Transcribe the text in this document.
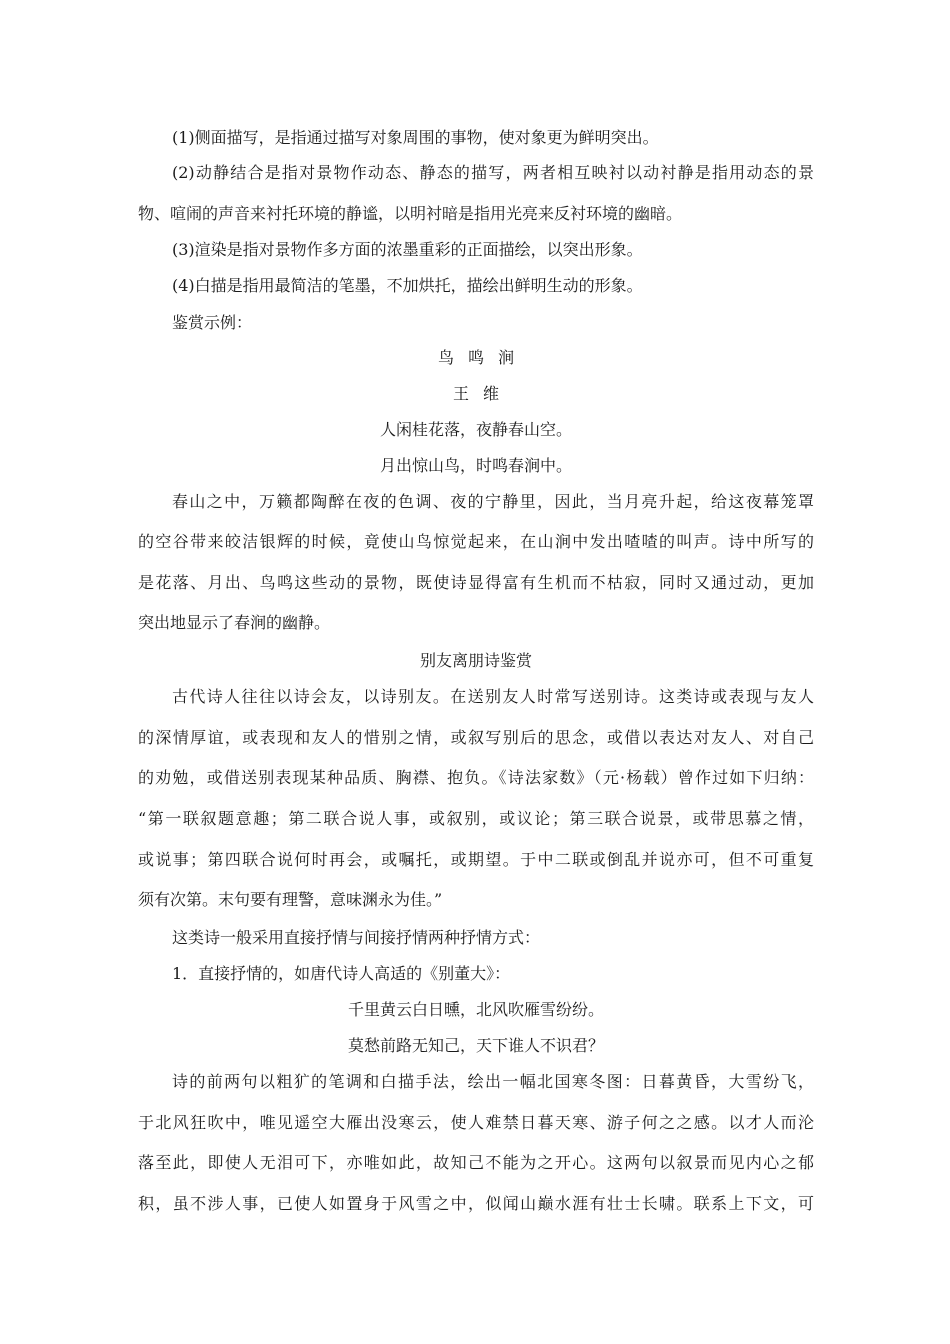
(1)侧面描写，是指通过描写对象周围的事物，使对象更为鲜明突出。
(2)动静结合是指对景物作动态、静态的描写，两者相互映衬以动衬静是指用动态的景
物、喧闹的声音来衬托环境的静谧，以明衬暗是指用光亮来反衬环境的幽暗。
(3)渲染是指对景物作多方面的浓墨重彩的正面描绘，以突出形象。
(4)白描是指用最简洁的笔墨，不加烘托，描绘出鲜明生动的形象。
鉴赏示例：
鸟鸣涧
王维
人闲桂花落，夜静春山空。
月出惊山鸟，时鸣春涧中。
春山之中，万籁都陶醉在夜的色调、夜的宁静里，因此，当月亮升起，给这夜幕笼罩
的空谷带来皎洁银辉的时候，竟使山鸟惊觉起来，在山涧中发出喳喳的叫声。诗中所写的
是花落、月出、鸟鸣这些动的景物，既使诗显得富有生机而不枯寂，同时又通过动，更加
突出地显示了春涧的幽静。
别友离朋诗鉴赏
古代诗人往往以诗会友，以诗别友。在送别友人时常写送别诗。这类诗或表现与友人
的深情厚谊，或表现和友人的惜别之情，或叙写别后的思念，或借以表达对友人、对自己
的劝勉，或借送别表现某种品质、胸襟、抱负。《诗法家数》（元·杨载）曾作过如下归纳：
“第一联叙题意趣；第二联合说人事，或叙别，或议论；第三联合说景，或带思慕之情，
或说事；第四联合说何时再会，或嘱托，或期望。于中二联或倒乱并说亦可，但不可重复
须有次第。末句要有理警，意味渊永为佳。”
这类诗一般采用直接抒情与间接抒情两种抒情方式：
1．直接抒情的，如唐代诗人高适的《别董大》：
千里黄云白日曛，北风吹雁雪纷纷。
莫愁前路无知己，天下谁人不识君？
诗的前两句以粗犷的笔调和白描手法，绘出一幅北国寒冬图：日暮黄昏，大雪纷飞，
于北风狂吹中，唯见遥空大雁出没寒云，使人难禁日暮天寒、游子何之之感。以才人而沦
落至此，即使人无泪可下，亦唯如此，故知己不能为之开心。这两句以叙景而见内心之郁
积，虽不涉人事，已使人如置身于风雪之中，似闻山巅水涯有壮士长啸。联系上下文，可
